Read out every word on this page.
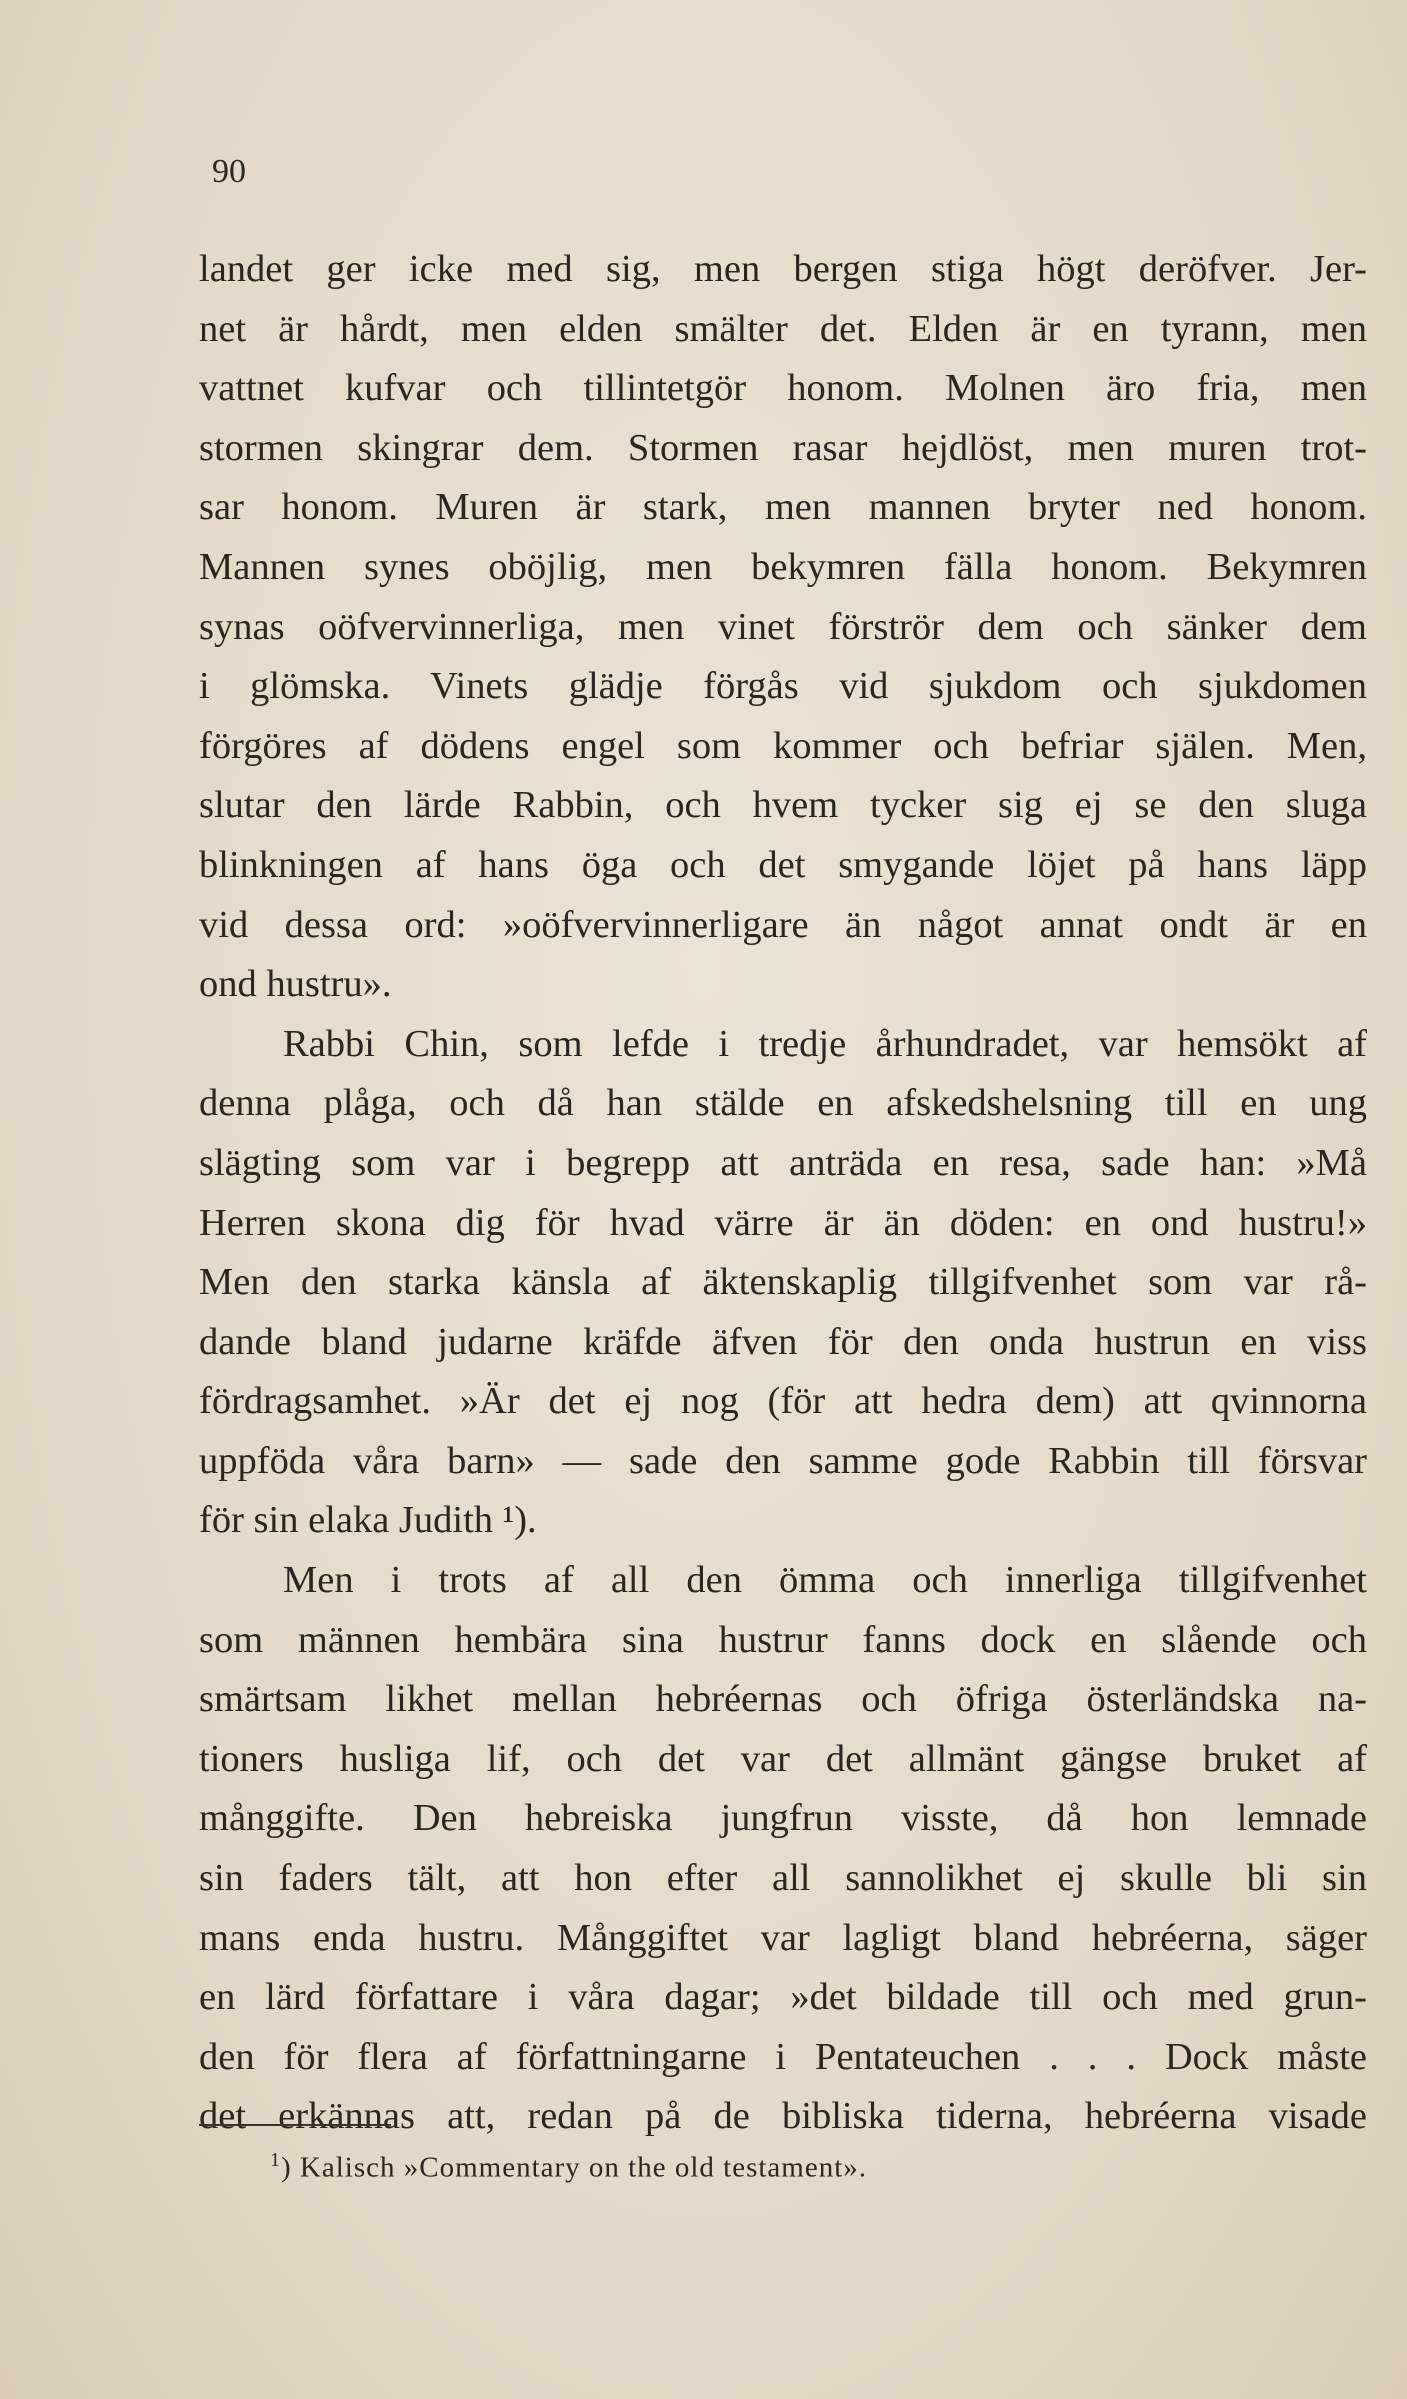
90
landet ger icke med sig, men bergen stiga högt deröfver. Jer-
net är hårdt, men elden smälter det. Elden är en tyrann, men
vattnet kufvar och tillintetgör honom. Molnen äro fria, men
stormen skingrar dem. Stormen rasar hejdlöst, men muren trot-
sar honom. Muren är stark, men mannen bryter ned honom.
Mannen synes oböjlig, men bekymren fälla honom. Bekymren
synas oöfvervinnerliga, men vinet förströr dem och sänker dem
i glömska. Vinets glädje förgås vid sjukdom och sjukdomen
förgöres af dödens engel som kommer och befriar själen. Men,
slutar den lärde Rabbin, och hvem tycker sig ej se den sluga
blinkningen af hans öga och det smygande löjet på hans läpp
vid dessa ord: »oöfvervinnerligare än något annat ondt är en
ond hustru».
Rabbi Chin, som lefde i tredje århundradet, var hemsökt af
denna plåga, och då han stälde en afskedshelsning till en ung
slägting som var i begrepp att anträda en resa, sade han: »Må
Herren skona dig för hvad värre är än döden: en ond hustru!»
Men den starka känsla af äktenskaplig tillgifvenhet som var rå-
dande bland judarne kräfde äfven för den onda hustrun en viss
fördragsamhet. »Är det ej nog (för att hedra dem) att qvinnorna
uppföda våra barn» — sade den samme gode Rabbin till försvar
för sin elaka Judith ¹).
Men i trots af all den ömma och innerliga tillgifvenhet
som männen hembära sina hustrur fanns dock en slående och
smärtsam likhet mellan hebréernas och öfriga österländska na-
tioners husliga lif, och det var det allmänt gängse bruket af
månggifte. Den hebreiska jungfrun visste, då hon lemnade
sin faders tält, att hon efter all sannolikhet ej skulle bli sin
mans enda hustru. Månggiftet var lagligt bland hebréerna, säger
en lärd författare i våra dagar; »det bildade till och med grun-
den för flera af författningarne i Pentateuchen . . . Dock måste
det erkännas att, redan på de bibliska tiderna, hebréerna visade
$^1$) Kalisch »Commentary on the old testament».
